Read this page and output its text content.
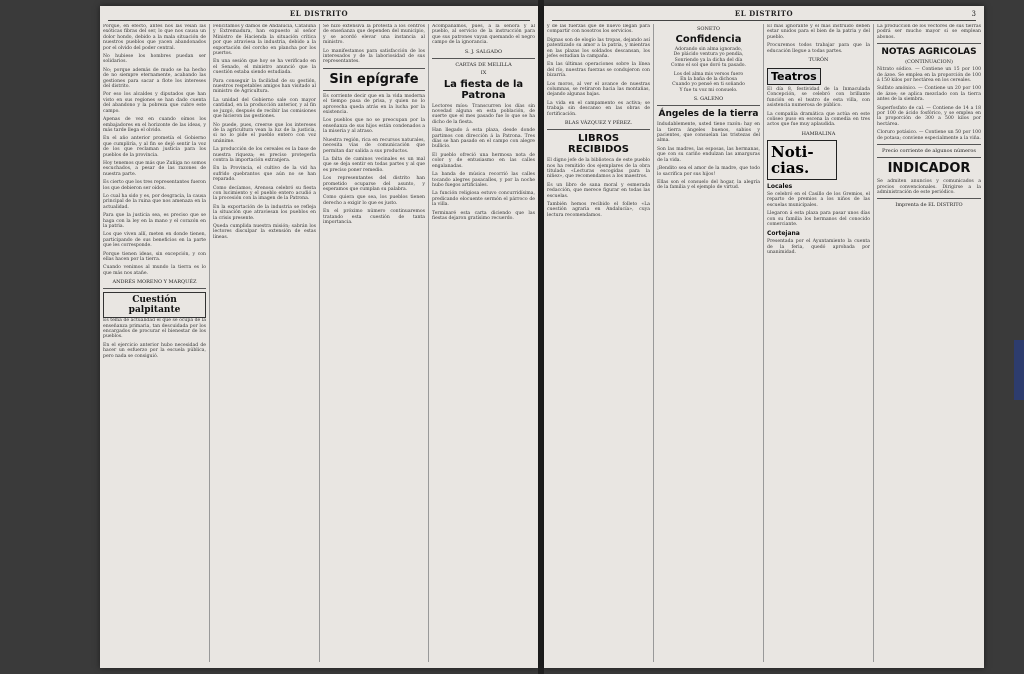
EL DISTRITO

Porque, en efecto, antes nos las veían las exóticas fibras del ser, lo que nos causa un dolor hondo, debido a la mala situación de nuestros pueblos que yacen abandonados por el olvido del poder central.

No hubiese los hombres puedan ser solidarios.

No; porque además de mudo se ha hecho de no siempre eternamente, acabando las gestiones para sacar a flote los intereses del distrito.

Por eso los alcaldes y diputados que han visto en sus regiones se han dado cuenta del abandono y la pobreza que cubre este campo.

Apenas de vez en cuando oímos los embajadores en el horizonte de las ideas, y más tarde llega el olvido.

En el año anterior prometía el Gobierno que cumpliría, y al fin se dejó sentir la voz de los que reclaman justicia para los pueblos de la provincia.

Hoy tenemos que más que Zuñiga no somos escuchados, a pesar de las razones de nuestra parte.

Es cierto que los tres representantes fueron los que debieron ser oídos.

Lo cual ha sido y es, por desgracia, la causa principal de la ruina que nos amenaza en la actualidad.

Para que la justicia sea, es preciso que se haga con la ley en la mano y el corazón en la patria.

Los que viven allí, meten en donde tienen, participando de sus beneficios en la parte que les corresponde.

Porque tienen ideas, sin excepción, y con ellas hacen por la tierra.

Cuando venimos al mundo la tierra es lo que más nos atañe.

ANDRÉS MORENO Y MARQUÉZ

Cuestión palpitante

Es tema de actualidad el que se ocupa de la enseñanza primaria, tan descuidada por los encargados de procurar el bienestar de los pueblos.

En el ejercicio anterior hubo necesidad de hacer un esfuerzo por la escuela pública, pero nada se consiguió.

Felicitamos y damos de Andalucía, Cataluña y Extremadura, han expuesto al señor Ministro de Hacienda la situación crítica por que atraviesa la industria, debido a la exportación del corcho en plancha por los puertos.

En una sesión que hoy se ha verificado en el Senado, el ministro anunció que la cuestión estaba siendo estudiada.

Para conseguir la facilidad de su gestión, nuestros respetables amigos han visitado al ministro de Agricultura.

La unidad del Gobierno sale con mayor cantidad, en la producción anterior, y al fin se juzgó, después de recibir las comisiones que hicieron las gestiones.

No puede, pues, creerse que los intereses de la agricultura vean la luz de la justicia, si no lo pide el pueblo entero con voz unánime.

La producción de los cereales es la base de nuestra riqueza; es preciso protegerla contra la importación extranjera.

En la Provincia, el cultivo de la vid ha sufrido quebrantos que aún no se han reparado.

Como decíamos, Arenosa celebró su fiesta con lucimiento y el pueblo entero acudió a la procesión con la imagen de la Patrona.

En la exportación de la industria se refleja la situación que atraviesan los pueblos en la crisis presente.

Queda cumplida nuestra misión; sabrán los lectores disculpar la extensión de estas líneas.

Se hizo extensiva la protesta a los centros de enseñanza que dependen del municipio, y se acordó elevar una instancia al ministro.

Lo manifestamos para satisfacción de los interesados y de la laboriosidad de sus representantes.

Sin epígrafe

Es corriente decir que en la vida moderna el tiempo pasa de prisa, y quien no lo aprovecha queda atrás en la lucha por la existencia.

Los pueblos que no se preocupan por la enseñanza de sus hijos están condenados a la miseria y al atraso.

Nuestra región, rica en recursos naturales, necesita vías de comunicación que permitan dar salida a sus productos.

La falta de caminos vecinales es un mal que se deja sentir en todas partes y al que es preciso poner remedio.

Los representantes del distrito han prometido ocuparse del asunto, y esperamos que cumplan su palabra.

Como quiera que sea, los pueblos tienen derecho a exigir lo que es justo.

En el próximo número continuaremos tratando esta cuestión de tanta importancia.

Acompañamos, pues, a la señora y al pueblo, al servicio de la instrucción para que sus patrones vayan quemando el negro campo de la ignorancia.

S. J. SALGADO

CARTAS DE MELILLA
IX
La fiesta de la Patrona

Lectores míos: Transcurren los días sin novedad alguna en esta población, de suerte que el mes pasado fue lo que se ha dicho de la fiesta.

Han llegado á esta plaza, desde donde partimos con dirección á la Patrona. Tres días se han pasado en el campo con alegre bullicio.

El pueblo ofreció una hermosa nota de color y de entusiasmo en las calles engalanadas.

La banda de música recorrió las calles tocando alegres pasacalles, y por la noche hubo fuegos artificiales.

La función religiosa estuvo concurridísima, predicando elocuente sermón el párroco de la villa.

Terminaré esta carta diciendo que las fiestas dejaron gratísimo recuerdo.

EL DISTRITO	3

y de las fuerzas que de nuevo llegan para compartir con nosotros los servicios.

Dignas son de elogio las tropas, dejando así patentizado su amor a la patria, y mientras en las plazas los soldados descansan, los jefes estudian la campaña.

En las últimas operaciones sobre la línea del río, nuestras fuerzas se condujeron con bizarría.

Los moros, al ver el avance de nuestras columnas, se retiraron hacia las montañas, dejando algunas bajas.

La vida en el campamento es activa; se trabaja sin descanso en las obras de fortificación.

BLAS VÁZQUEZ Y PÉREZ.

LIBROS RECIBIDOS

El digno jefe de la biblioteca de este pueblo nos ha remitido dos ejemplares de la obra titulada «Lecturas escogidas para la niñez», que recomendamos a los maestros.

Es un libro de sana moral y esmerada redacción, que merece figurar en todas las escuelas.

También hemos recibido el folleto «La cuestión agraria en Andalucía», cuya lectura recomendamos.

SONETO
Confidencia

Adorando sin alma ignorado,
De plácido ventura yo pendía,
Sonriendo ya la dicha del día
Como el sol que doró tu pasado.

Los del alma mis versos fuero
En la baña de la dichosa
Cuando yo pensé en ti soñando
Y fue tu voz mi consuelo.

S. GALENO

Ángeles de la tierra

Indudablemente, usted tiene razón: hay en la tierra ángeles buenos, sabios y pacientes, que consuelan las tristezas del alma.

Son las madres, las esposas, las hermanas, que con su cariño endulzan las amarguras de la vida.

¡Bendito sea el amor de la madre, que todo lo sacrifica por sus hijos!

Ellas son el consuelo del hogar, la alegría de la familia y el ejemplo de virtud.

El más ignorante y el más instruido deben estar unidos para el bien de la patria y del pueblo.

Procuremos todos trabajar para que la educación llegue a todas partes.

TURÓN

Teatros

El día 8, festividad de la Inmaculada Concepción, se celebró con brillante función en el teatro de esta villa, con asistencia numerosa de público.

La compañía dramática que actúa en este coliseo puso en escena la comedia en tres actos que fue muy aplaudida.

HAMBALINA

Noti-cias.
Locales

Se celebró en el Casillo de los Gremios, el reparto de premios a los niños de las escuelas municipales.

Llegaron á esta plaza para pasar unos días con su familia los hermanos del conocido comerciante.

Cortejana

Presentada por el Ayuntamiento la cuenta de la feria, quedó aprobada por unanimidad.

La producción de los vectores de sus tierras podrá ser mucho mayor si se emplean abonos.

NOTAS AGRICOLAS
(CONTINUACION)

Nitrato sódico. — Contiene un 15 por 100 de ázoe. Se emplea en la proporción de 100 á 150 kilos por hectárea en los cereales.

Sulfato amónico. — Contiene un 20 por 100 de ázoe; se aplica mezclado con la tierra antes de la siembra.

Superfosfato de cal. — Contiene de 14 a 18 por 100 de ácido fosfórico, y se emplea en la proporción de 300 a 500 kilos por hectárea.

Cloruro potásico. — Contiene un 50 por 100 de potasa; conviene especialmente a la viña.

Precio corriente de algunos números
INDICADOR

Se admiten anuncios y comunicados a precios convencionales. Dirigirse a la administración de este periódico.

Imprenta de EL DISTRITO
